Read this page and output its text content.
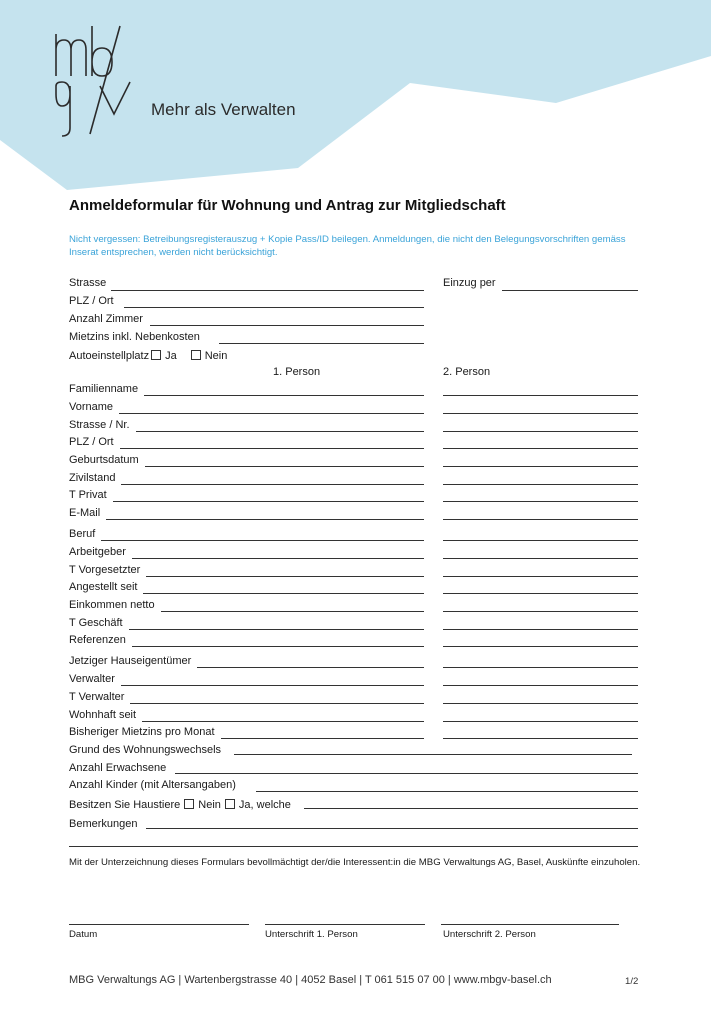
Mehr als Verwalten
Anmeldeformular für Wohnung und Antrag zur Mitgliedschaft
Nicht vergessen: Betreibungsregisterauszug + Kopie Pass/ID beilegen. Anmeldungen, die nicht den Belegungsvorschriften gemäss Inserat entsprechen, werden nicht berücksichtigt.
Strasse	Einzug per
PLZ / Ort
Anzahl Zimmer
Mietzins inkl. Nebenkosten
Autoeinstellplatz Ja	Nein
1. Person	2. Person
Familienname
Vorname
Strasse / Nr.
PLZ / Ort
Geburtsdatum
Zivilstand
T Privat
E-Mail
Beruf
Arbeitgeber
T Vorgesetzter
Angestellt seit
Einkommen netto
T Geschäft
Referenzen
Jetziger Hauseigentümer
Verwalter
T Verwalter
Wohnhaft seit
Bisheriger Mietzins pro Monat
Grund des Wohnungswechsels
Anzahl Erwachsene
Anzahl Kinder (mit Altersangaben)
Besitzen Sie Haustiere Nein Ja, welche
Bemerkungen
Mit der Unterzeichnung dieses Formulars bevollmächtigt der/die Interessent:in die MBG Verwaltungs AG, Basel, Auskünfte einzuholen.
Datum	Unterschrift 1. Person	Unterschrift 2. Person
MBG Verwaltungs AG | Wartenbergstrasse 40 | 4052 Basel | T 061 515 07 00 | www.mbgv-basel.ch	1/2
